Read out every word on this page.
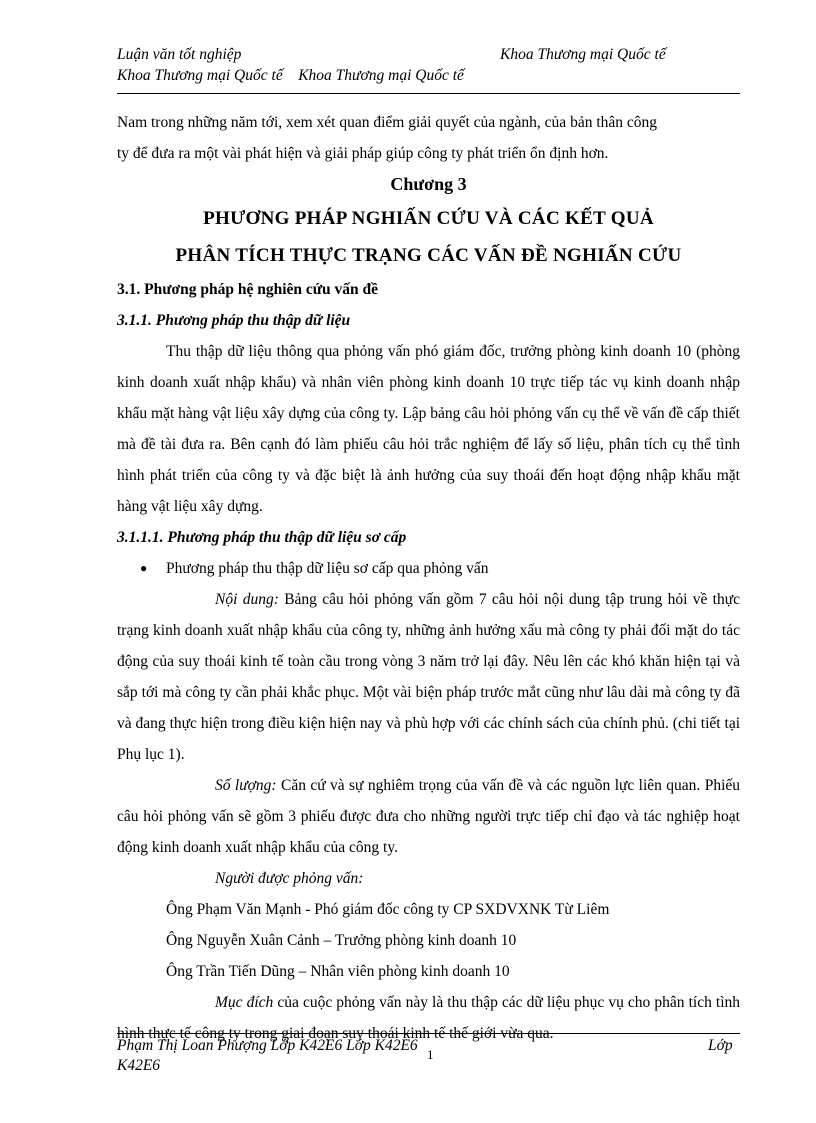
Luận văn tốt nghiệp	Khoa Thương mại Quốc tế
Khoa Thương mại Quốc tế    Khoa Thương mại Quốc tế

Nam trong những năm tới, xem xét quan điểm giải quyết của ngành, của bản thân công

ty để đưa ra một vài phát hiện và giải pháp giúp công ty phát triển ổn định hơn.

Chương 3

PHƯƠNG PHÁP NGHIẤN CỨU VÀ CÁC KẾT QUẢ

PHÂN TÍCH THỰC TRẠNG CÁC VẤN ĐỀ NGHIẤN CỨU

3.1. Phương pháp hệ nghiên cứu vấn đề

3.1.1. Phương pháp thu thập dữ liệu

Thu thập dữ liệu thông qua phỏng vấn phó giám đốc, trưởng phòng kinh doanh 10 (phòng kinh doanh xuất nhập khẩu) và nhân viên phòng kinh doanh 10 trực tiếp tác vụ kinh doanh nhập khẩu mặt hàng vật liệu xây dựng của công ty. Lập bảng câu hỏi phỏng vấn cụ thể về vấn đề cấp thiết mà đề tài đưa ra. Bên cạnh đó làm phiếu câu hỏi trắc nghiệm để lấy số liệu, phân tích cụ thể tình hình phát triển của công ty và đặc biệt là ảnh hưởng của suy thoái đến hoạt động nhập khẩu mặt hàng vật liệu xây dựng.

3.1.1.1. Phương pháp thu thập dữ liệu sơ cấp

● Phương pháp thu thập dữ liệu sơ cấp qua phỏng vấn

Nội dung: Bảng câu hỏi phỏng vấn gồm 7 câu hỏi nội dung tập trung hỏi về thực trạng kinh doanh xuất nhập khẩu của công ty, những ảnh hưởng xấu mà công ty phải đối mặt do tác động của suy thoái kinh tế toàn cầu trong vòng 3 năm trở lại đây. Nêu lên các khó khăn hiện tại và sắp tới mà công ty cần phải khắc phục. Một vài biện pháp trước mắt cũng như lâu dài mà công ty đã và đang thực hiện trong điều kiện hiện nay và phù hợp với các chính sách của chính phủ. (chi tiết tại Phụ lục 1).

Số lượng: Căn cứ và sự nghiêm trọng của vấn đề và các nguồn lực liên quan. Phiếu câu hỏi phỏng vấn sẽ gồm 3 phiếu được đưa cho những người trực tiếp chỉ đạo và tác nghiệp hoạt động kinh doanh xuất nhập khẩu của công ty.

Người được phỏng vấn:

Ông Phạm Văn Mạnh - Phó giám đốc công ty CP SXDVXNK Từ Liêm

Ông Nguyễn Xuân Cảnh – Trưởng phòng kinh doanh 10

Ông Trần Tiến Dũng – Nhân viên phòng kinh doanh 10

Mục đích của cuộc phỏng vấn này là thu thập các dữ liệu phục vụ cho phân tích tình hình thực tế công ty trong giai đoạn suy thoái kinh tế thế giới vừa qua.

Phạm Thị Loan Phượng Lớp K42E6 Lớp K42E6
1
Lớp
K42E6
